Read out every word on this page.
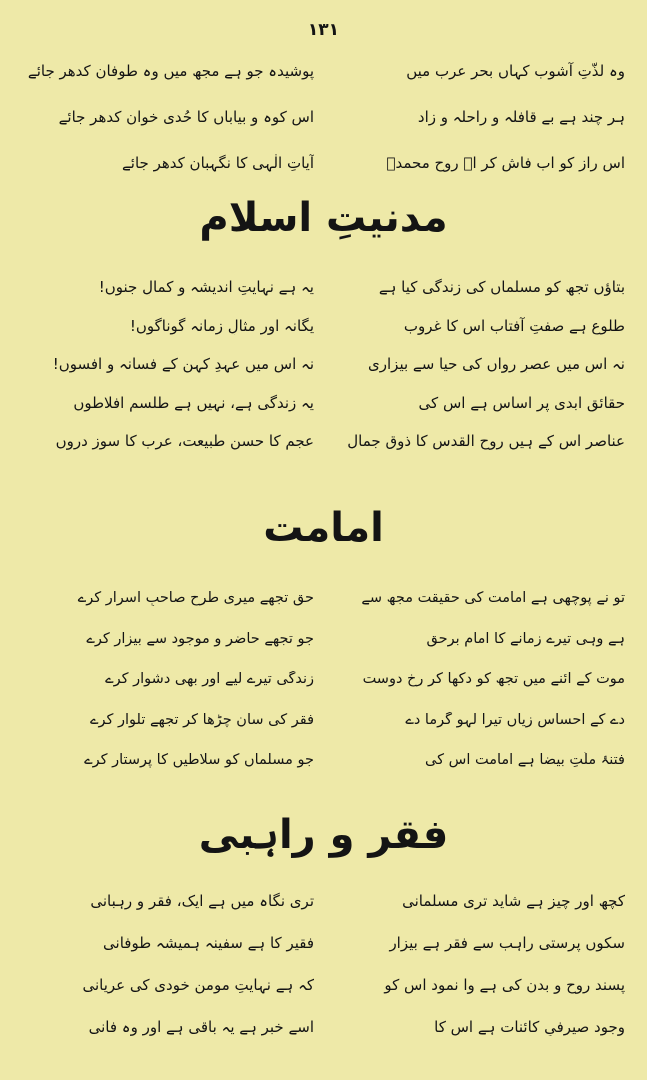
۱۳۱
وہ لذّتِ آشوب کہاں بحرِ عرب میں
پوشیدہ جو ہے مجھ میں وہ طوفان کدھر جائے
ہر چند ہے بے قافلہ و راحلہ و زاد
اس کوہ و بیاباں کا حُدی خوان کدھر جائے
اس راز کو اب فاش کر اے روحِ محمدؐ
آیاتِ الٰہی کا نگہبان کدھر جائے
مدنیتِ اسلام
بتاؤں تجھ کو مسلماں کی زندگی کیا ہے
یہ ہے نہایتِ اندیشہ و کمالِ جنوں!
طلوع ہے صفتِ آفتاب اس کا غروب
یگانہ اور مثالِ زمانہ گوناگوں!
نہ اس میں عصرِ رواں کی حیا سے بیزاری
نہ اس میں عہدِ کہن کے فسانہ و افسوں!
حقائقِ ابدی پر اساس ہے اس کی
یہ زندگی ہے، نہیں ہے طلسمِ افلاطوں
عناصر اس کے ہیں روح القدس کا ذوقِ جمال
عجم کا حسنِ طبیعت، عرب کا سوزِ دروں
امامت
تو نے پوچھی ہے امامت کی حقیقت مجھ سے
حق تجھے میری طرح صاحبِ اسرار کرے
ہے وہی تیرے زمانے کا امامِ برحق
جو تجھے حاضر و موجود سے بیزار کرے
موت کے آئنے میں تجھ کو دکھا کر رخِ دوست
زندگی تیرے لیے اور بھی دشوار کرے
دے کے احساسِ زیاں تیرا لہو گرما دے
فقر کی سان چڑھا کر تجھے تلوار کرے
فتنۂ ملّتِ بیضا ہے امامت اس کی
جو مسلماں کو سلاطیں کا پرستار کرے
فقر و راہبی
کچھ اور چیز ہے شاید تری مسلمانی
تری نگاہ میں ہے ایک، فقر و رہبانی
سکوں پرستی راہب سے فقر ہے بیزار
فقیر کا ہے سفینہ ہمیشہ طوفانی
پسند روح و بدن کی ہے وا نمود اس کو
کہ ہے نہایتِ مومن خودی کی عریانی
وجود صیرفیِ کائنات ہے اس کا
اسے خبر ہے یہ باقی ہے اور وہ فانی
